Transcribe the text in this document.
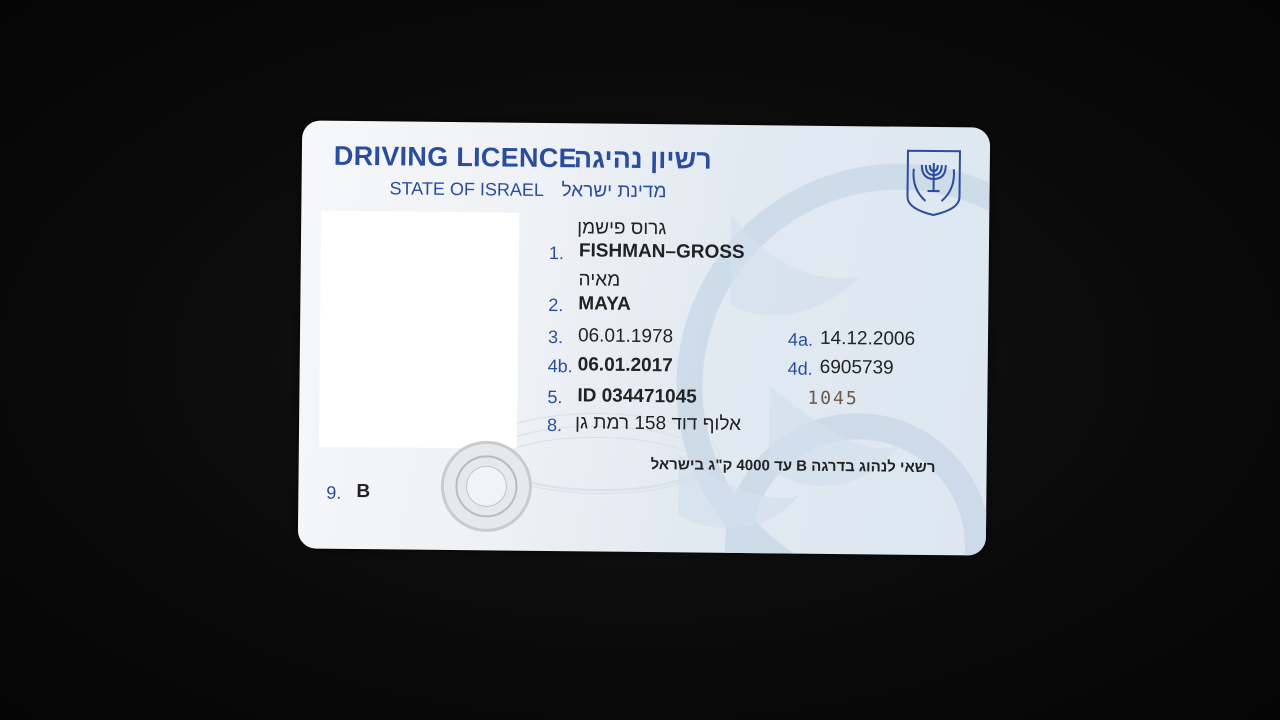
DRIVING LICENCE
רשיון נהיגה
STATE OF ISRAEL מדינת ישראל
גרוס פישמן
1. FISHMAN–GROSS
מאיה
2. MAYA
3. 06.01.1978	4a. 14.12.2006
4b. 06.01.2017	4d. 6905739
5. ID 034471045	1045
8. אלוף דוד 158 רמת גן
רשאי לנהוג בדרגה B עד 4000 ק"ג בישראל
9. B
